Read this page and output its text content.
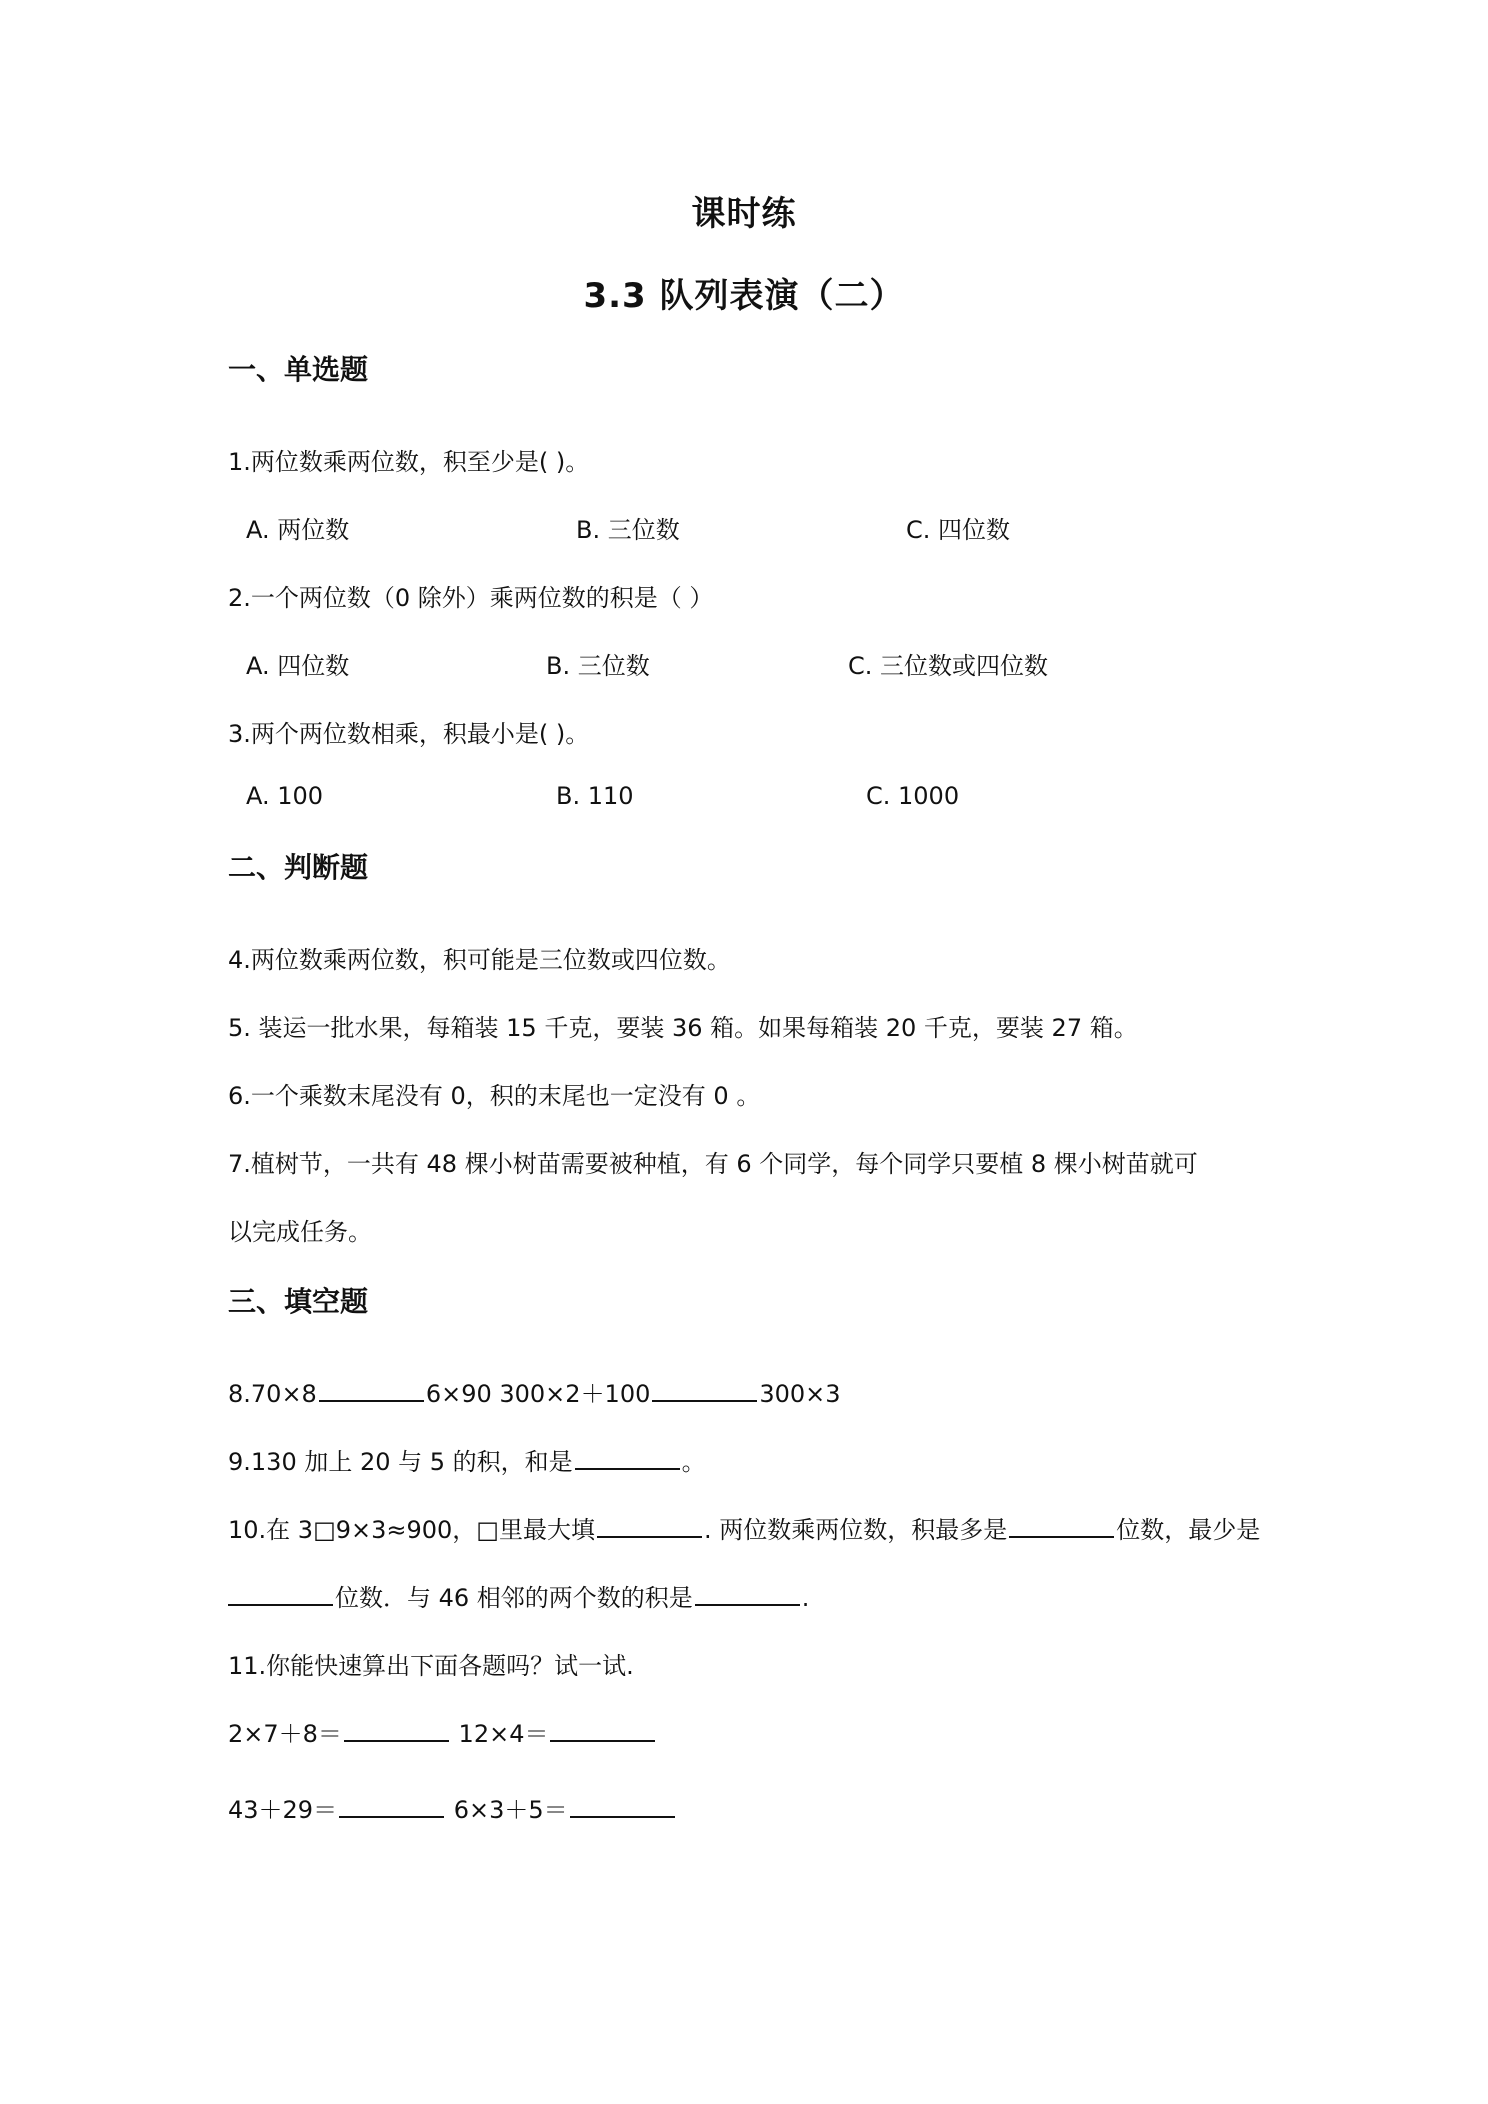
课时练
3.3 队列表演（二）
一、单选题
1.两位数乘两位数，积至少是( )。
A. 两位数	B. 三位数	C. 四位数
2.一个两位数（0 除外）乘两位数的积是（ ）
A. 四位数	B. 三位数	C. 三位数或四位数
3.两个两位数相乘，积最小是( )。
A. 100	B. 110	C. 1000
二、判断题
4.两位数乘两位数，积可能是三位数或四位数。
5. 装运一批水果，每箱装 15 千克，要装 36 箱。如果每箱装 20 千克，要装 27 箱。
6.一个乘数末尾没有 0，积的末尾也一定没有 0 。
7.植树节，一共有 48 棵小树苗需要被种植，有 6 个同学，每个同学只要植 8 棵小树苗就可
以完成任务。
三、填空题
8.70×8	6×90 300×2＋100	300×3
9.130 加上 20 与 5 的积，和是	。
10.在 3□9×3≈900，□里最大填	. 两位数乘两位数，积最多是	位数，最少是
位数．与 46 相邻的两个数的积是	.
11.你能快速算出下面各题吗？试一试.
2×7＋8＝	12×4＝
43＋29＝	6×3＋5＝
